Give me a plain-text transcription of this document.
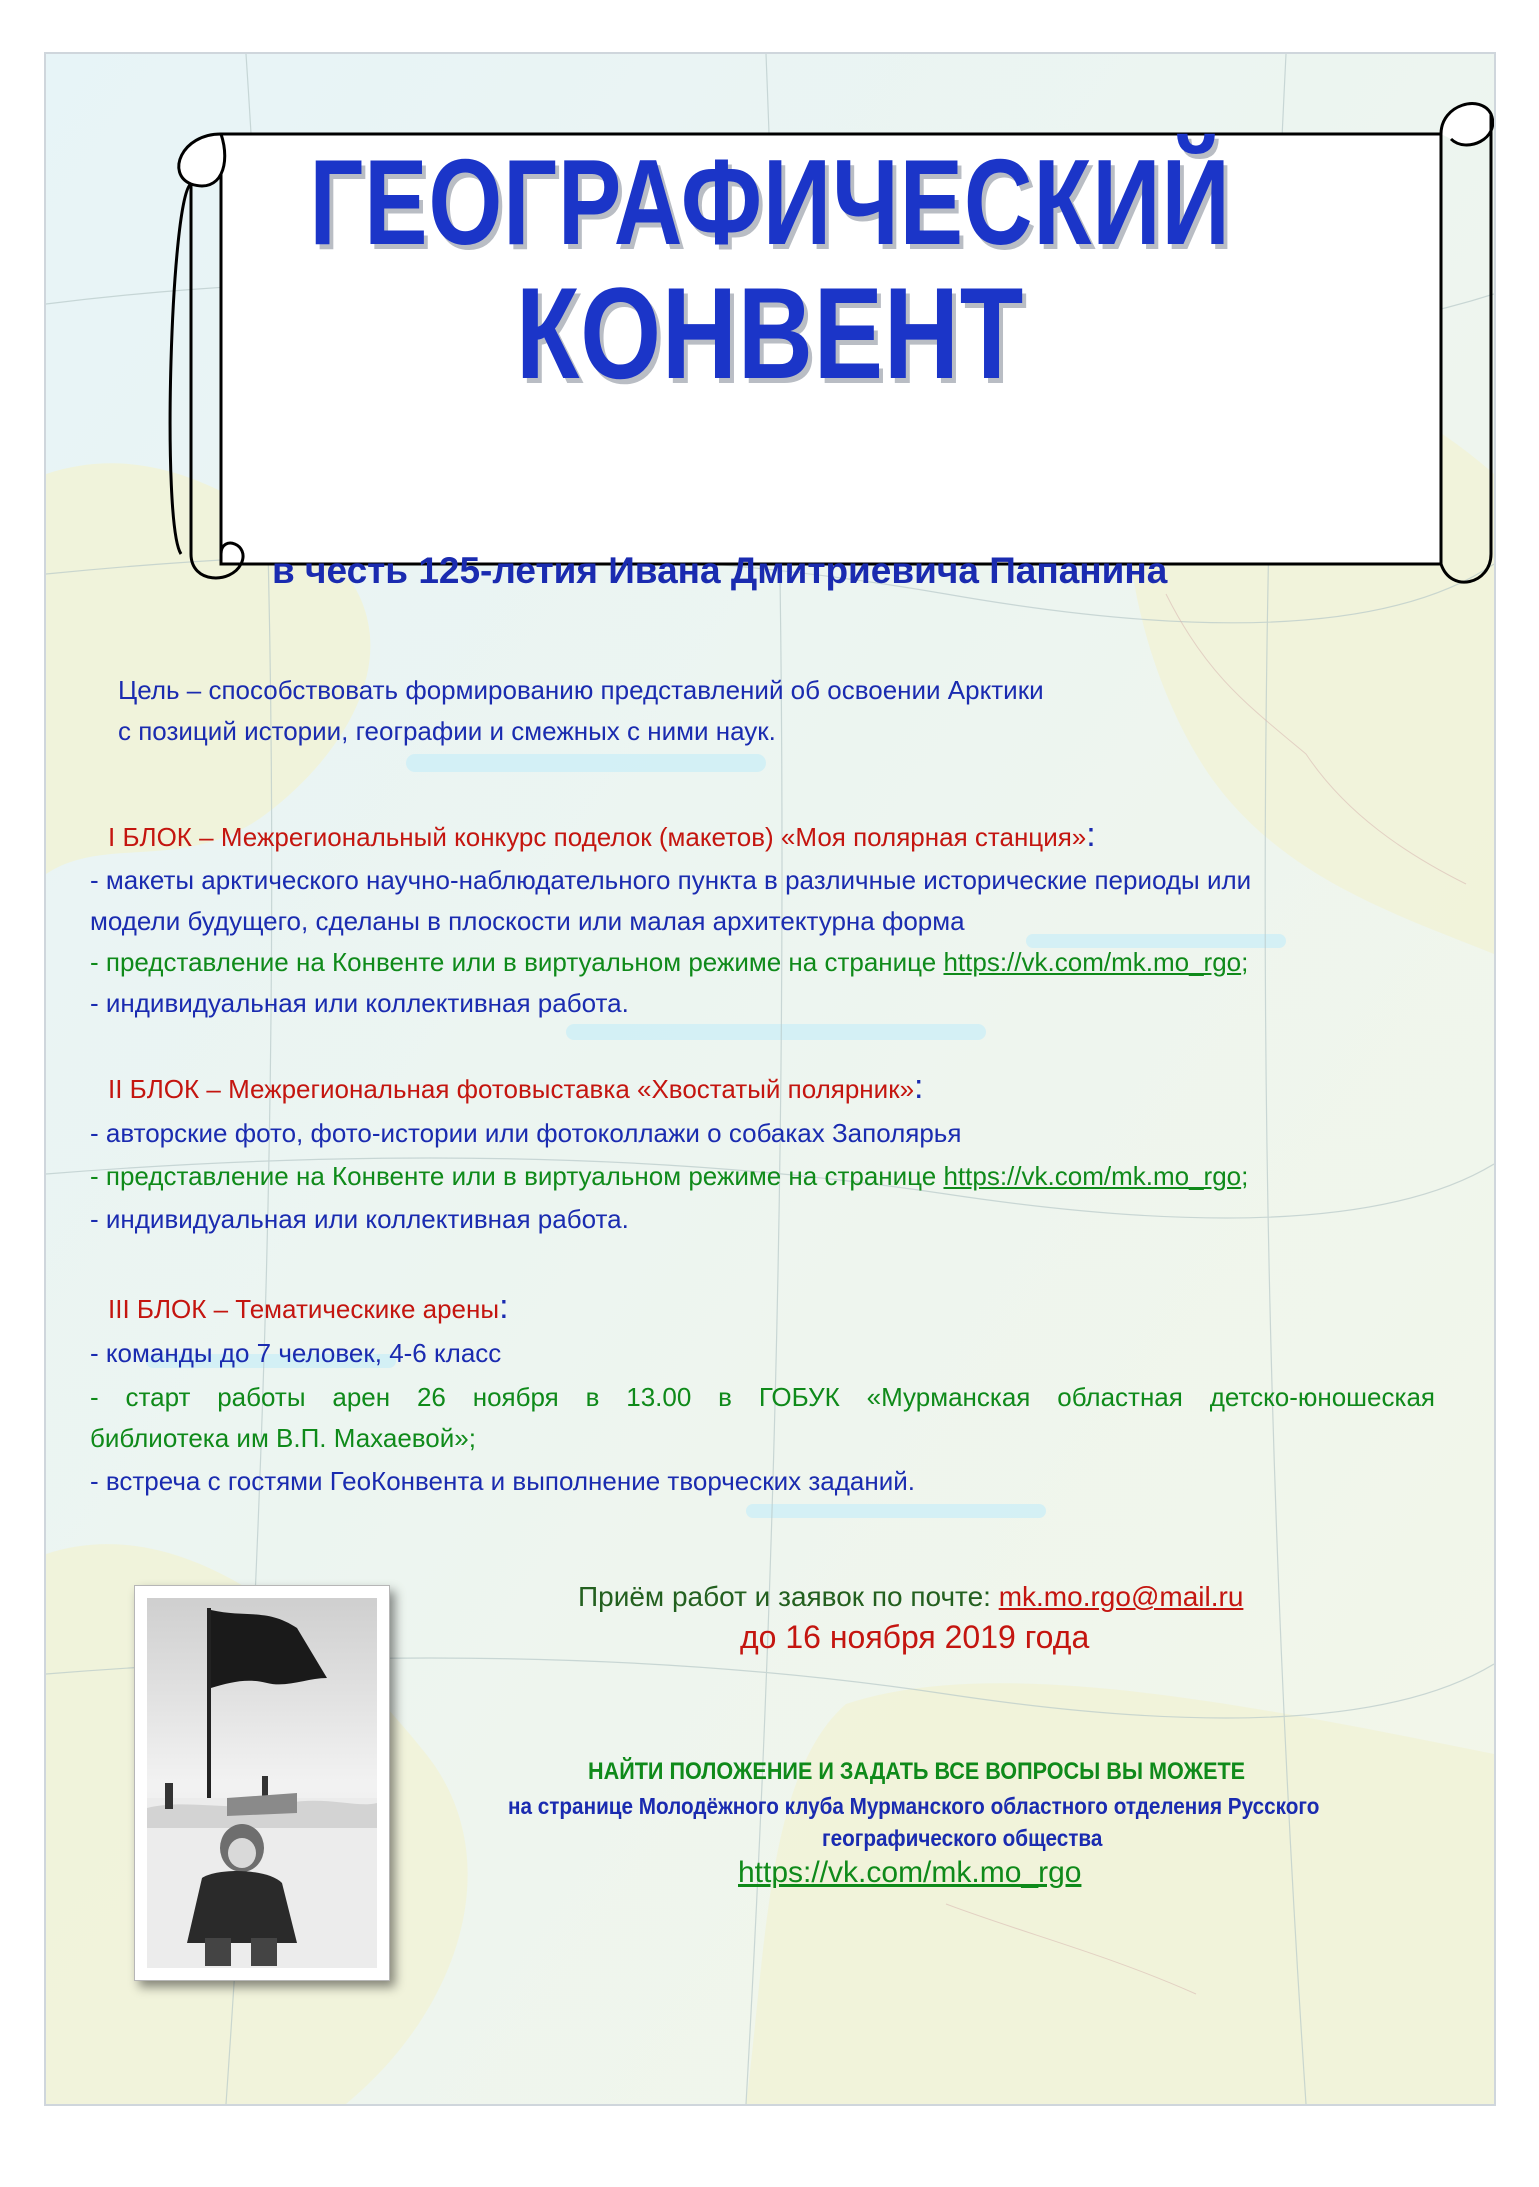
ГЕОГРАФИЧЕСКИЙ
КОНВЕНТ
в честь 125-летия Ивана Дмитриевича Папанина
Цель – способствовать формированию представлений об освоении Арктики
с позиций истории, географии и смежных с ними наук.
I БЛОК – Межрегиональный конкурс поделок (макетов) «Моя полярная станция»:
- макеты арктического научно-наблюдательного пункта в различные исторические периоды или
модели будущего, сделаны в плоскости или малая архитектурна форма
- представление на Конвенте или в виртуальном режиме на странице https://vk.com/mk.mo_rgo;
- индивидуальная или коллективная работа.
II БЛОК – Межрегиональная фотовыставка «Хвостатый полярник»:
- авторские фото, фото-истории или фотоколлажи о собаках Заполярья
- представление на Конвенте или в виртуальном режиме на странице https://vk.com/mk.mo_rgo;
- индивидуальная или коллективная работа.
III БЛОК – Тематическике арены:
- команды до 7 человек, 4-6 класс
- старт работы арен 26 ноября в 13.00 в ГОБУК «Мурманская областная детско-юношеская
библиотека им В.П. Махаевой»;
- встреча с гостями ГеоКонвента и выполнение творческих заданий.
Приём работ и заявок по почте: mk.mo.rgo@mail.ru
до 16 ноября 2019 года
НАЙТИ ПОЛОЖЕНИЕ И ЗАДАТЬ ВСЕ ВОПРОСЫ ВЫ МОЖЕТЕ
на странице Молодёжного клуба Мурманского областного отделения Русского
географического общества
https://vk.com/mk.mo_rgo
